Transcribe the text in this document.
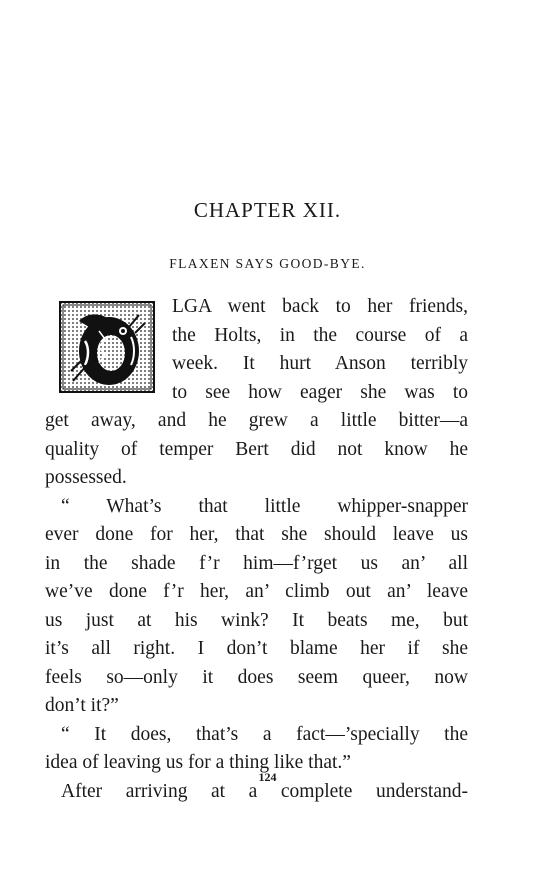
CHAPTER XII.
FLAXEN SAYS GOOD-BYE.
LGA went back to her friends,
the Holts, in the course of a
week. It hurt Anson terribly
to see how eager she was to
get away, and he grew a little bitter—a
quality of temper Bert did not know he
possessed.
“ What’s that little whipper-snapper
ever done for her, that she should leave us
in the shade f’r him—f’rget us an’ all
we’ve done f’r her, an’ climb out an’ leave
us just at his wink? It beats me, but
it’s all right. I don’t blame her if she
feels so—only it does seem queer, now
don’t it?”
“ It does, that’s a fact—’specially the
idea of leaving us for a thing like that.”
After arriving at a complete understand-
124
